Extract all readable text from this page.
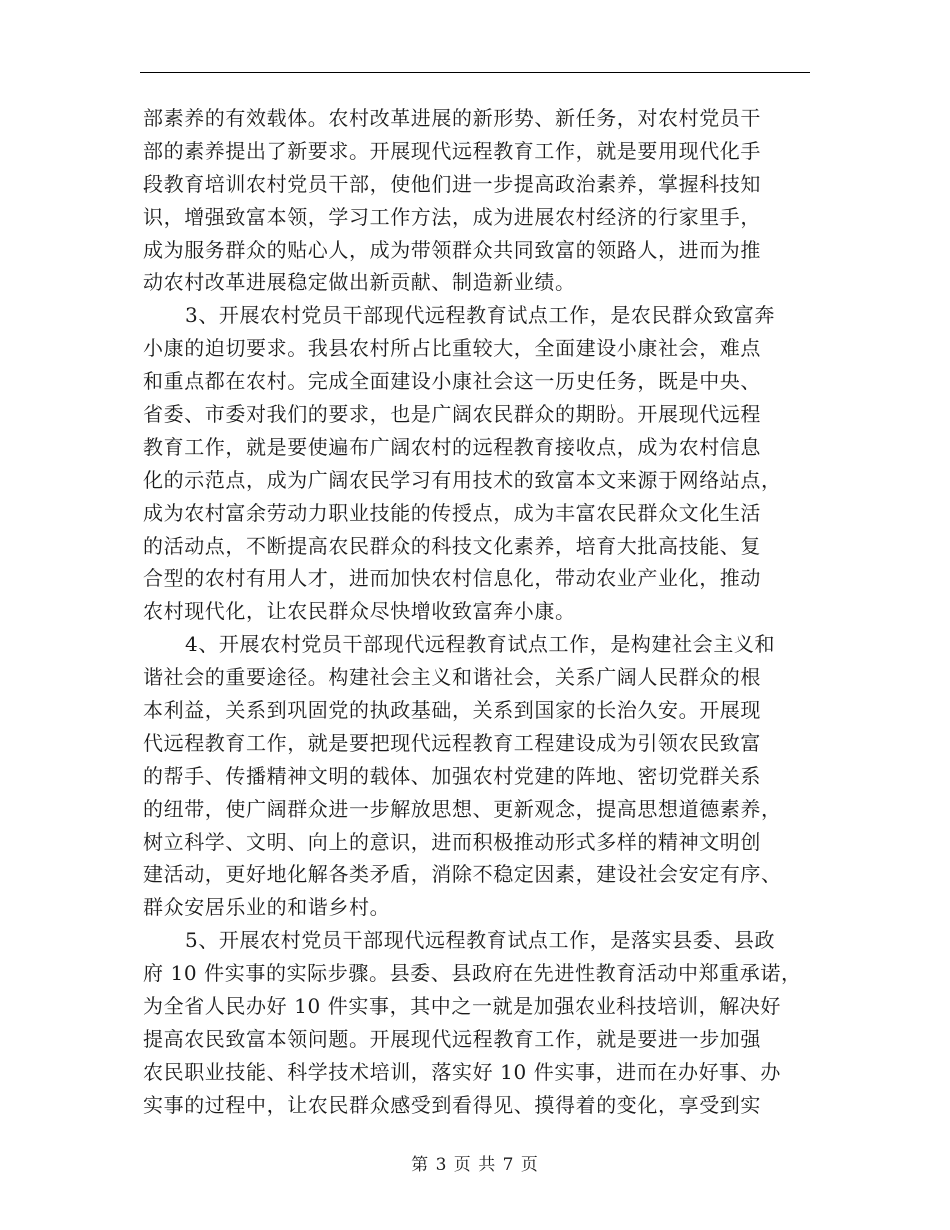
部素养的有效载体。农村改革进展的新形势、新任务，对农村党员干
部的素养提出了新要求。开展现代远程教育工作，就是要用现代化手
段教育培训农村党员干部，使他们进一步提高政治素养，掌握科技知
识，增强致富本领，学习工作方法，成为进展农村经济的行家里手，
成为服务群众的贴心人，成为带领群众共同致富的领路人，进而为推
动农村改革进展稳定做出新贡献、制造新业绩。
3、开展农村党员干部现代远程教育试点工作，是农民群众致富奔
小康的迫切要求。我县农村所占比重较大，全面建设小康社会，难点
和重点都在农村。完成全面建设小康社会这一历史任务，既是中央、
省委、市委对我们的要求，也是广阔农民群众的期盼。开展现代远程
教育工作，就是要使遍布广阔农村的远程教育接收点，成为农村信息
化的示范点，成为广阔农民学习有用技术的致富本文来源于网络站点，
成为农村富余劳动力职业技能的传授点，成为丰富农民群众文化生活
的活动点，不断提高农民群众的科技文化素养，培育大批高技能、复
合型的农村有用人才，进而加快农村信息化，带动农业产业化，推动
农村现代化，让农民群众尽快增收致富奔小康。
4、开展农村党员干部现代远程教育试点工作，是构建社会主义和
谐社会的重要途径。构建社会主义和谐社会，关系广阔人民群众的根
本利益，关系到巩固党的执政基础，关系到国家的长治久安。开展现
代远程教育工作，就是要把现代远程教育工程建设成为引领农民致富
的帮手、传播精神文明的载体、加强农村党建的阵地、密切党群关系
的纽带，使广阔群众进一步解放思想、更新观念，提高思想道德素养，
树立科学、文明、向上的意识，进而积极推动形式多样的精神文明创
建活动，更好地化解各类矛盾，消除不稳定因素，建设社会安定有序、
群众安居乐业的和谐乡村。
5、开展农村党员干部现代远程教育试点工作，是落实县委、县政
府 10 件实事的实际步骤。县委、县政府在先进性教育活动中郑重承诺，
为全省人民办好 10 件实事，其中之一就是加强农业科技培训，解决好
提高农民致富本领问题。开展现代远程教育工作，就是要进一步加强
农民职业技能、科学技术培训，落实好 10 件实事，进而在办好事、办
实事的过程中，让农民群众感受到看得见、摸得着的变化，享受到实
第 3 页 共 7 页
